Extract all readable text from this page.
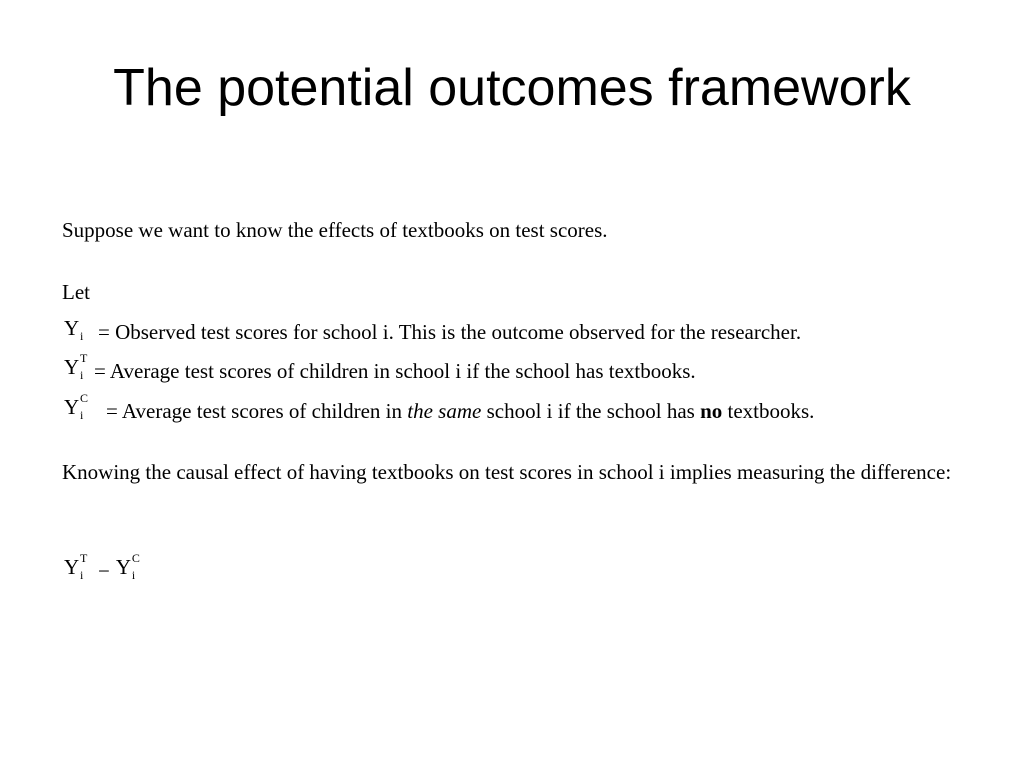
The potential outcomes framework
Suppose we want to know the effects of textbooks on test scores.
Let
Y i = Observed test scores for school i. This is the outcome observed for the researcher.
Y i
T
= Average test scores of children in school i if the school has textbooks.
Y i
C
= Average test scores of children in the same school i if the school has no textbooks.
Knowing the causal effect of having textbooks on test scores in school i implies measuring the difference:
Y i
T
− Y i
C
